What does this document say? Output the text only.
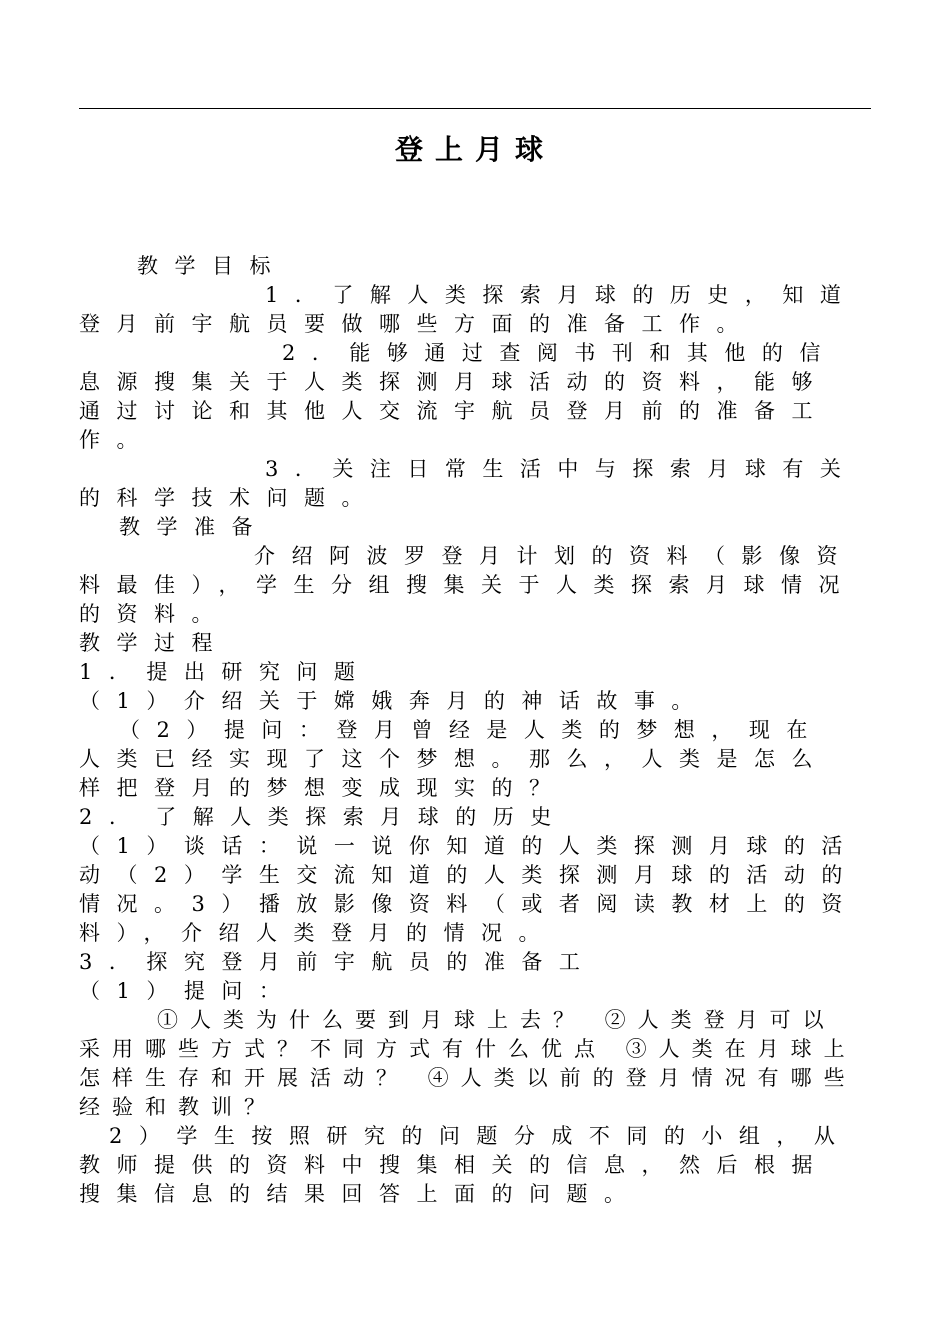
登上月球

教学目标

1．了解人类探索月球的历史，知道登月前宇航员要做哪些方面的准备工作。

2．能够通过查阅书刊和其他的信息源搜集关于人类探测月球活动的资料，能够通过讨论和其他人交流宇航员登月前的准备工作。

3．关注日常生活中与探索月球有关的科学技术问题。

教学准备

介绍阿波罗登月计划的资料（影像资料最佳），学生分组搜集关于人类探索月球情况的资料。

教学过程

1．提出研究问题

（1）介绍关于嫦娥奔月的神话故事。

（2）提问：登月曾经是人类的梦想，现在人类已经实现了这个梦想。那么，人类是怎么样把登月的梦想变成现实的？

2. 了解人类探索月球的历史

（1）谈话：说一说你知道的人类探测月球的活动（2）学生交流知道的人类探测月球的活动的情况。3）播放影像资料（或者阅读教材上的资料），介绍人类登月的情况。

3．探究登月前宇航员的准备工

（1）提问：

①人类为什么要到月球上去？ ②人类登月可以采用哪些方式？不同方式有什么优点 ③人类在月球上怎样生存和开展活动？ ④人类以前的登月情况有哪些经验和教训？

2）学生按照研究的问题分成不同的小组，从教师提供的资料中搜集相关的信息，然后根据搜集信息的结果回答上面的问题。
